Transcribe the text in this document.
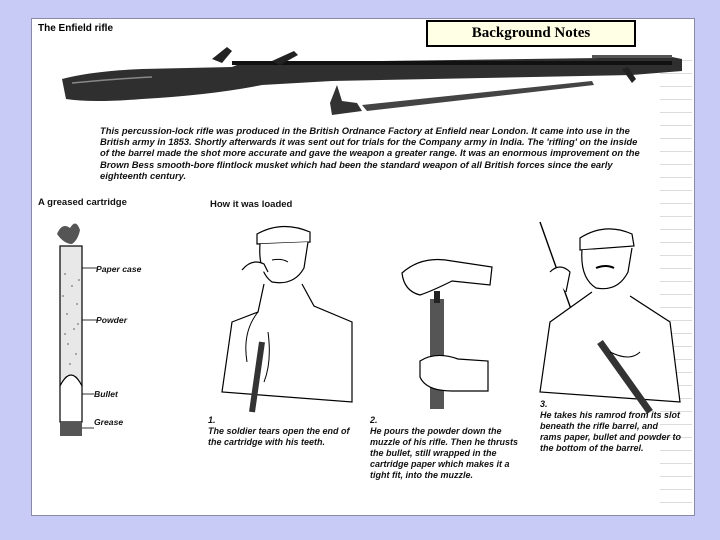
The Enfield rifle
This percussion-lock rifle was produced in the British Ordnance Factory at Enfield near London. It came into use in the British army in 1853. Shortly afterwards it was sent out for trials for the Company army in India. The 'rifling' on the inside of the barrel made the shot more accurate and gave the weapon a greater range. It was an enormous improvement on the Brown Bess smooth-bore flintlock musket which had been the standard weapon of all British forces since the early eighteenth century.
A greased cartridge	How it was loaded
Paper case
Powder
Bullet
Grease	1.
The soldier tears open the end of the cartridge with his teeth.
2.
He pours the powder down the muzzle of his rifle. Then he thrusts the bullet, still wrapped in the cartridge paper which makes it a tight fit, into the muzzle.
3.
He takes his ramrod from its slot beneath the rifle barrel, and rams paper, bullet and powder to the bottom of the barrel.
Background Notes
